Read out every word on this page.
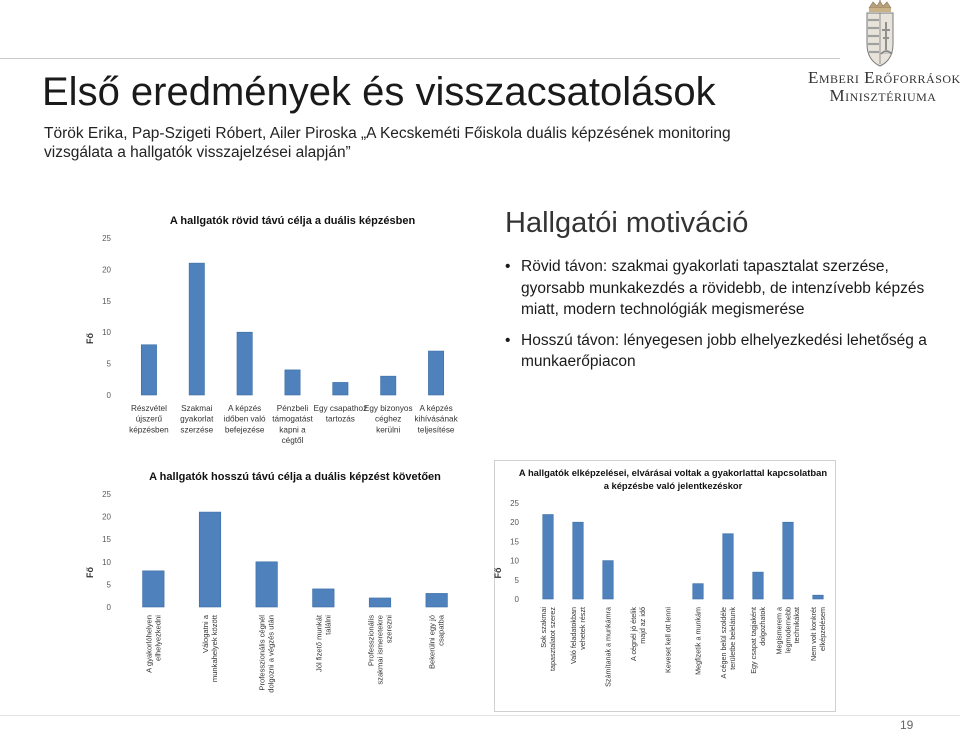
Első eredmények és visszacsatolások
Török Erika, Pap-Szigeti Róbert, Ailer Piroska „A Kecskeméti Főiskola duális képzésének monitoring vizsgálata a hallgatók visszajelzései alapján”
Emberi Erőforrások
Minisztériuma
A hallgatók rövid távú célja a duális képzésben
0
5
10
15
20
25
Fő
Részvétel újszerű képzésben
Szakmai gyakorlat szerzése
A képzés időben való befejezése
Pénzbeli támogatást kapni a cégtől
Egy csapathoz tartozás
Egy bizonyos céghez kerülni
A képzés kihívásának teljesítése
A hallgatók hosszú távú célja a duális képzést követően
0
5
10
15
20
25
Fő
A gyakorlóhelyenelhelyezkedni	Válogatni amunkahelyek között	Professzionális cégnéldolgozni a végzés után	Jól fizető munkáttalálni	Professzionálisszakmai ismeretekreszerezni	Bekerülni egy jócsapatba
A hallgatók elképzelései, elvárásai voltak a gyakorlattal kapcsolatban
a képzésbe való jelentkezéskor
0
5
10
15
20
25
Fő
Sok szakmaitapasztalatot szerez Való feladatokbanvehetek részt Számítanak a munkámra A cégnél jó ételikmajd az idő Keveset kell ott lenni	Megfizetik a munkám A cégen belül szoldéleterületbe belelátunk Egy csapat tagjakéntdolgozhatok Megismerem alegmodernebbtechnikákat Nem volt konkrételképzelésem
Hallgatói motiváció
• Rövid távon: szakmai gyakorlati tapasztalat szerzése, gyorsabb munkakezdés a rövidebb, de intenzívebb képzés miatt, modern technológiák megismerése
• Hosszú távon: lényegesen jobb elhelyezkedési lehetőség a munkaerőpiacon
19
